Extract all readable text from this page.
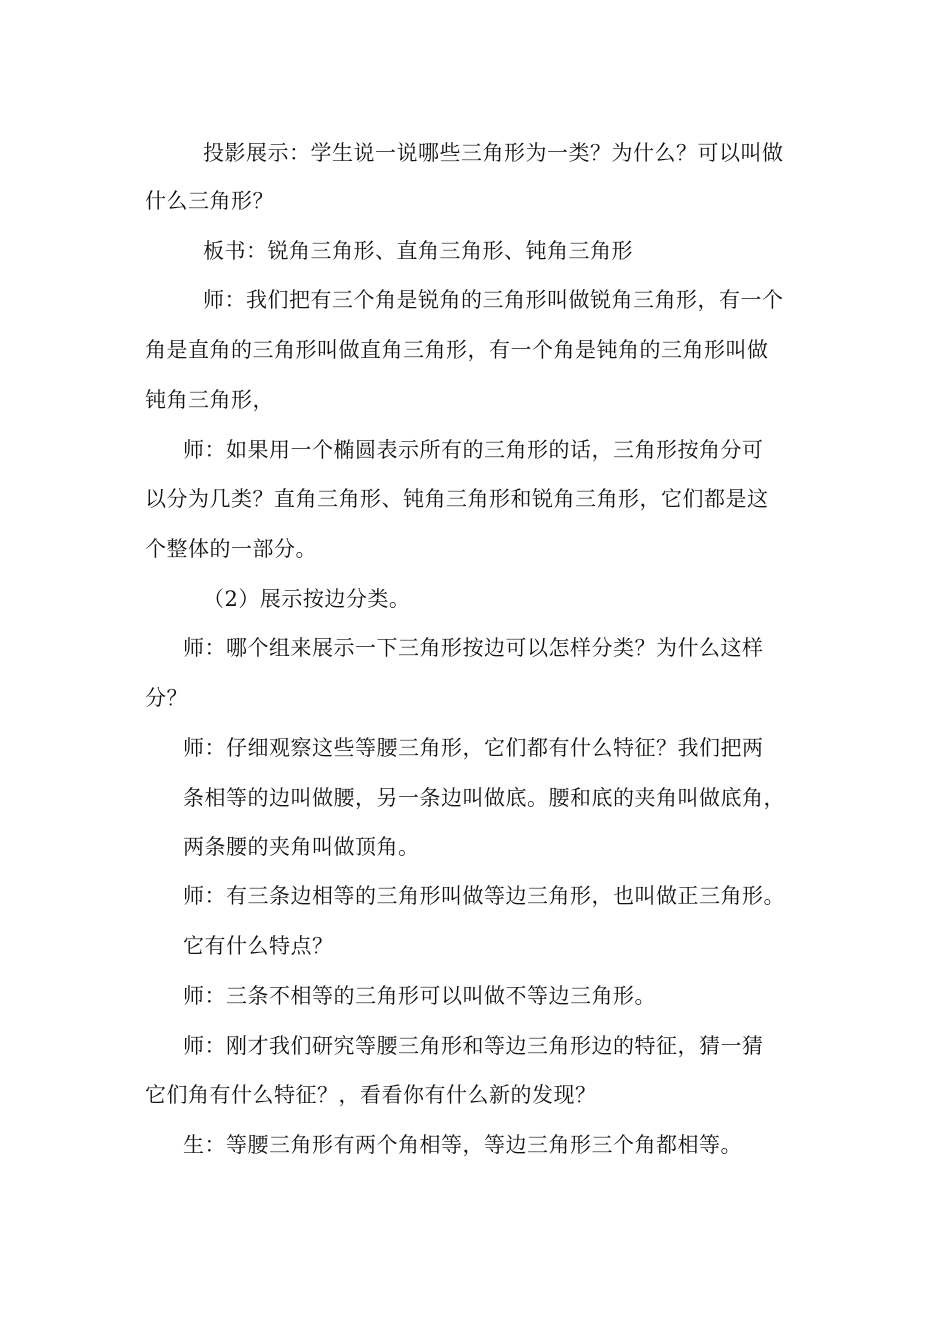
投影展示：学生说一说哪些三角形为一类？为什么？可以叫做
什么三角形？
板书：锐角三角形、直角三角形、钝角三角形
师：我们把有三个角是锐角的三角形叫做锐角三角形，有一个
角是直角的三角形叫做直角三角形，有一个角是钝角的三角形叫做
钝角三角形，
师：如果用一个椭圆表示所有的三角形的话，三角形按角分可
以分为几类？直角三角形、钝角三角形和锐角三角形，它们都是这
个整体的一部分。
（2）展示按边分类。
师：哪个组来展示一下三角形按边可以怎样分类？为什么这样
分？
师：仔细观察这些等腰三角形，它们都有什么特征？我们把两
条相等的边叫做腰，另一条边叫做底。腰和底的夹角叫做底角，
两条腰的夹角叫做顶角。
师：有三条边相等的三角形叫做等边三角形，也叫做正三角形。
它有什么特点？
师：三条不相等的三角形可以叫做不等边三角形。
师：刚才我们研究等腰三角形和等边三角形边的特征，猜一猜
它们角有什么特征？，看看你有什么新的发现？
生：等腰三角形有两个角相等，等边三角形三个角都相等。
